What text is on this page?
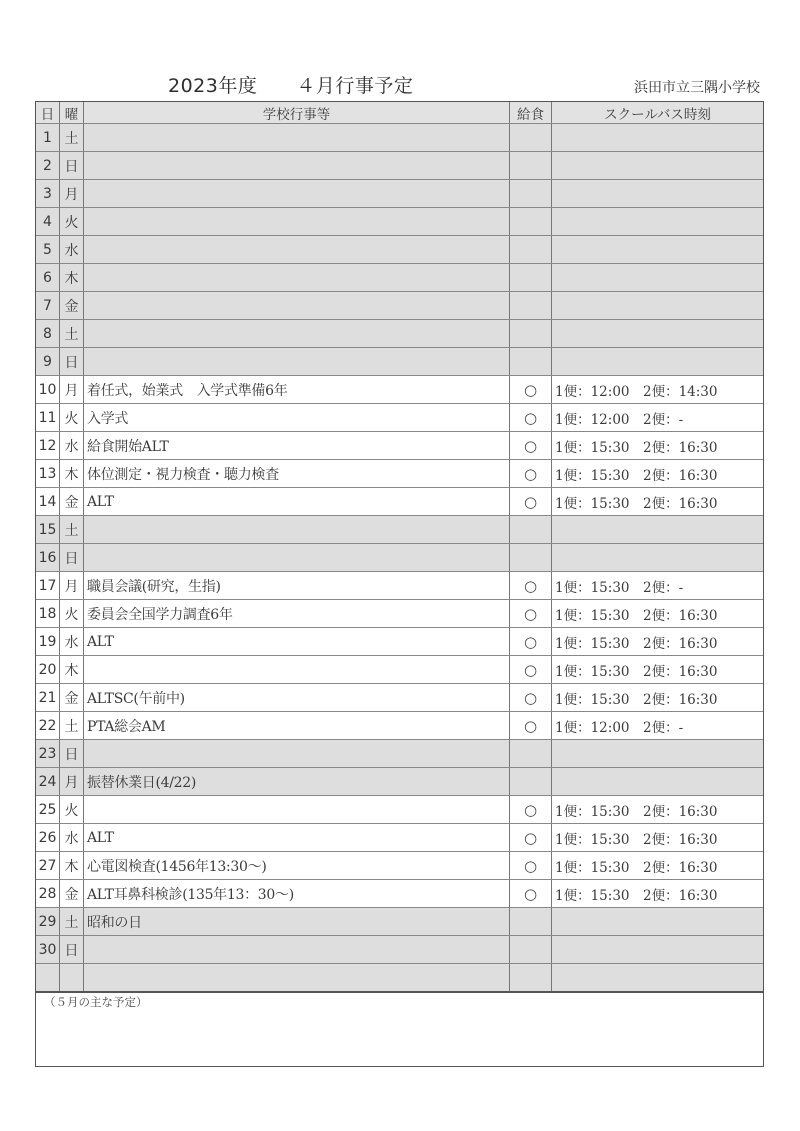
2023年度　　４月行事予定	浜田市立三隅小学校
日 曜	学校行事等	給食	スクールバス時刻
1 土
2 日
3 月
4 火
5 水
6 木
7 金
8 土
9 日
10 月 着任式，始業式　入学式準備6年	○	1便：12:00　2便：14:30
11 火 入学式	○	1便：12:00　2便：-
12 水 給食開始ALT	○	1便：15:30　2便：16:30
13 木 体位測定・視力検査・聴力検査	○	1便：15:30　2便：16:30
14 金 ALT	○	1便：15:30　2便：16:30
15 土
16 日
17 月 職員会議(研究，生指)	○	1便：15:30　2便：-
18 火 委員会全国学力調査6年	○	1便：15:30　2便：16:30
19 水 ALT	○	1便：15:30　2便：16:30
20 木	○	1便：15:30　2便：16:30
21 金 ALTSC(午前中)	○	1便：15:30　2便：16:30
22 土 PTA総会AM	○	1便：12:00　2便：-
23 日
24 月 振替休業日(4/22)
25 火	○	1便：15:30　2便：16:30
26 水 ALT	○	1便：15:30　2便：16:30
27 木 心電図検査(1456年13:30～)	○	1便：15:30　2便：16:30
28 金 ALT耳鼻科検診(135年13：30～)	○	1便：15:30　2便：16:30
29 土 昭和の日
30 日
（５月の主な予定）
